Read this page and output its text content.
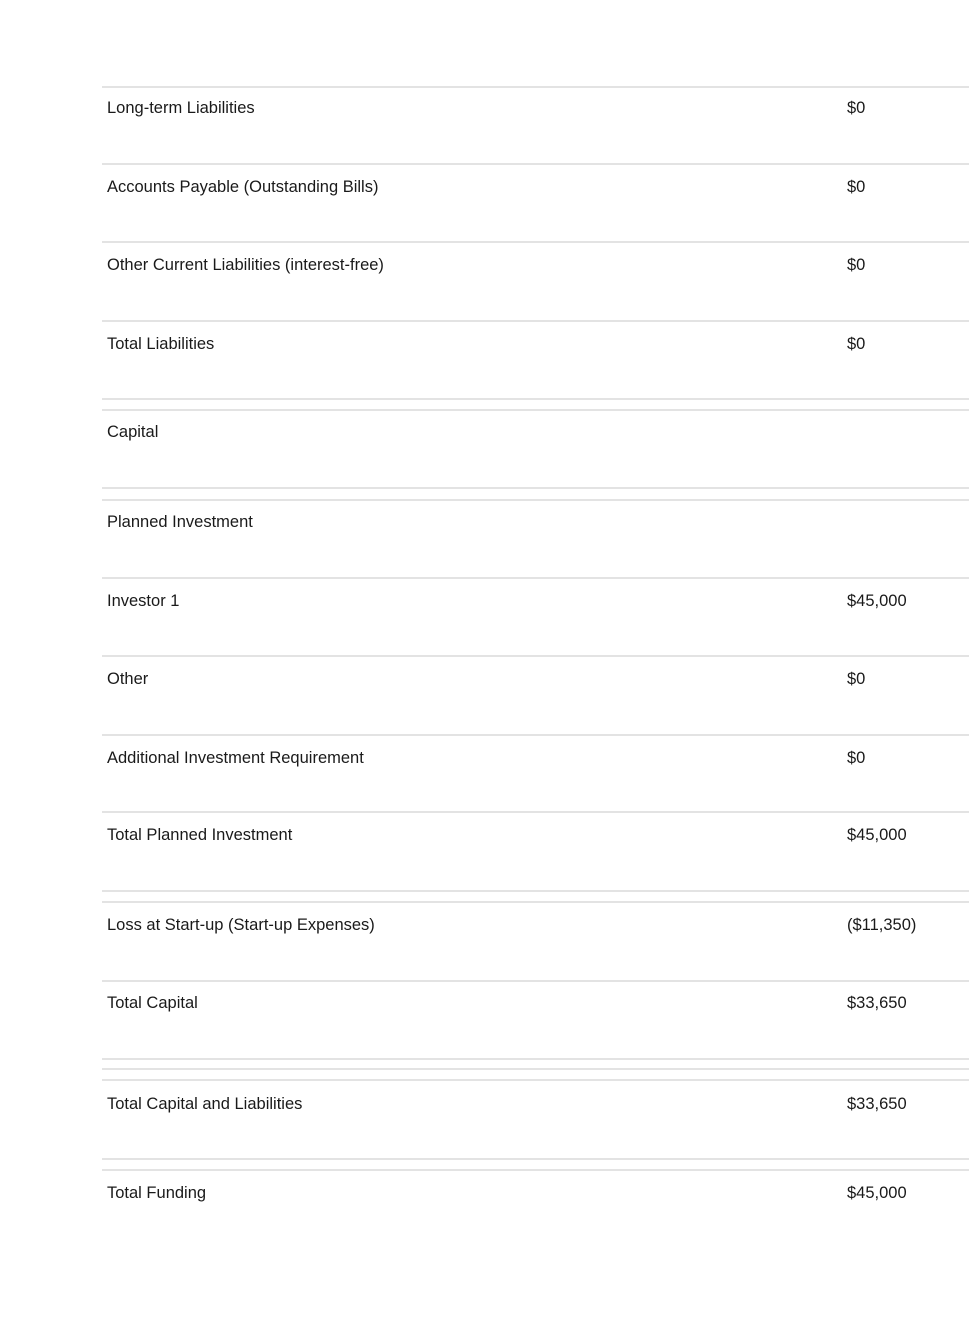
Long-term Liabilities	$0
Accounts Payable (Outstanding Bills)	$0
Other Current Liabilities (interest-free)	$0
Total Liabilities	$0
Capital
Planned Investment
Investor 1	$45,000
Other	$0
Additional Investment Requirement	$0
Total Planned Investment	$45,000
Loss at Start-up (Start-up Expenses)	($11,350)
Total Capital	$33,650
Total Capital and Liabilities	$33,650
Total Funding	$45,000
